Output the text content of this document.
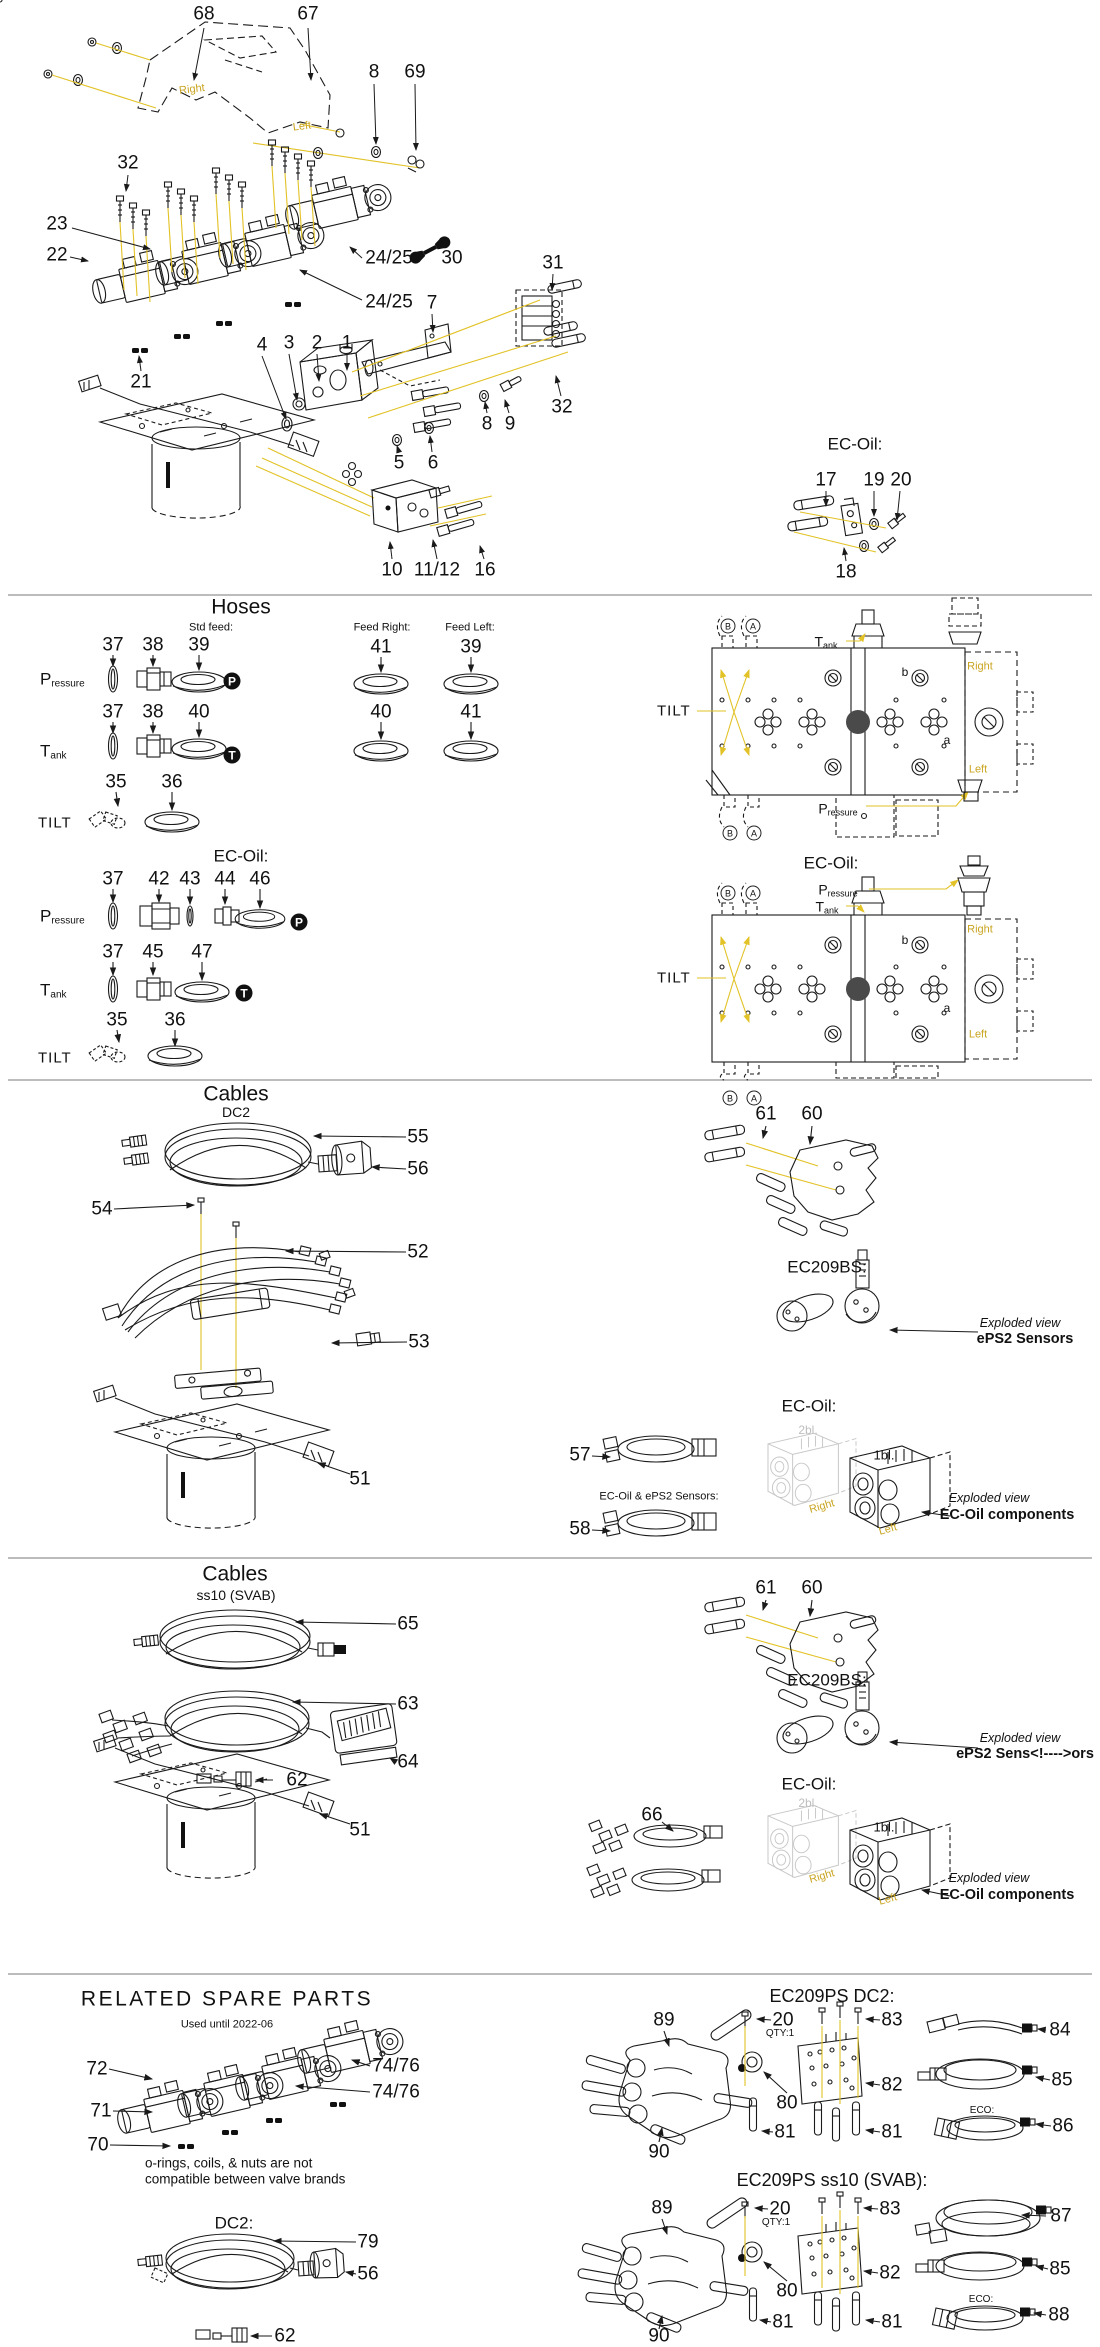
68	67
8 69
Right
Left
32
23
22	24/25 30
24/25
21
4 3 2 1
7
31
32
8 9
5 6
10 11/12 16
EC-Oil:
17 19 20
18
Hoses
Std feed:	Feed Right:	Feed Left:
37 38 39	41	39
Pressure	P
37 38 40	40	41
Tank	T
35 36
TILT
EC-Oil:
37 42 43 44 46
Pressure	P
37 45 47
Tank	T
35 36
TILT
Tank
Right
TILT
Left
Pressure
b
a
B	A
B	A
EC-Oil:
Pressure
Tank
Right
TILT
Left
b
a
B	A
B	A
Cables
DC2
55
56
54
52
53
51
61 60
EC209BS:
Exploded view
ePS2 Sensors
EC-Oil:
2bl.
1bl.
57
EC-Oil & ePS2 Sensors:
58
Right
Left
Exploded view
EC-Oil components
Cables
ss10 (SVAB)
65
63
64
62
51
61 60
EC209BS:
Exploded view
ePS2 Sens<!---->ors
EC-Oil:
66
2bl.
1bl.
Right
Left
Exploded view
EC-Oil components
RELATED SPARE PARTS
Used until 2022-06
72	74/76
74/76
71
70
o-rings, coils, & nuts are not
compatible between valve brands
DC2:
79
56
62
EC209PS DC2:
89	20
QTY:1
83	84
80
82	85
ECO:
86
81	81
90
EC209PS ss10 (SVAB):
89	20
QTY:1
83	87
80
82	85
ECO:
88
81	81
90
